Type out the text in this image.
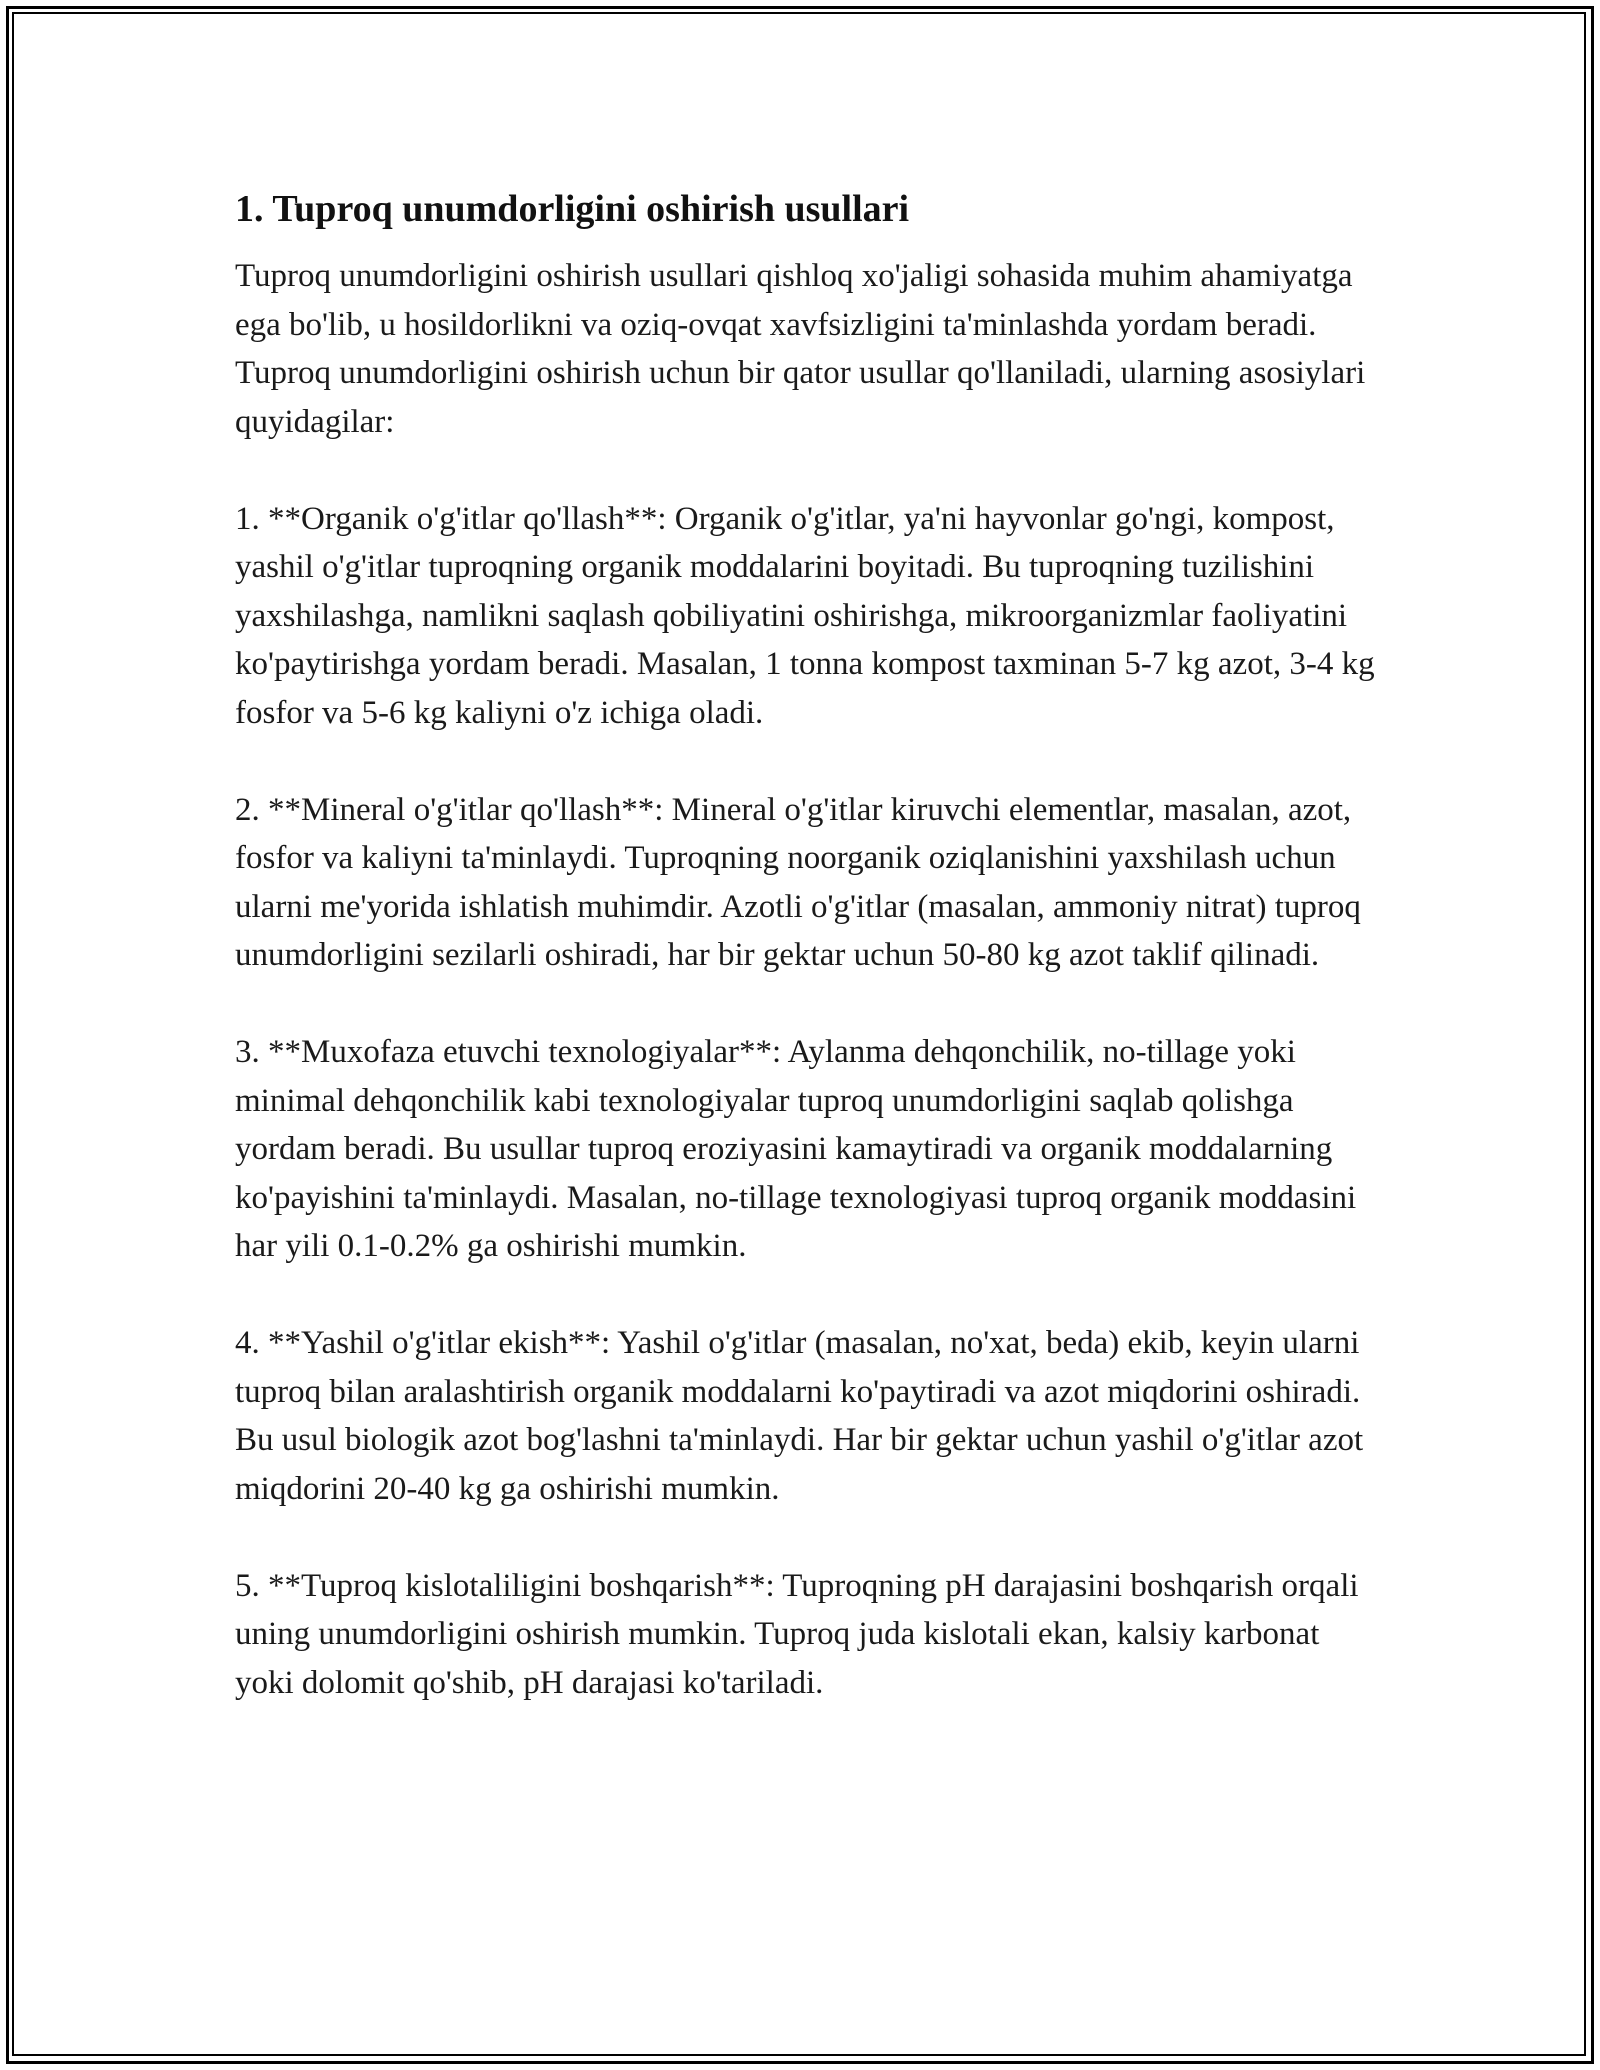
1. Tuproq unumdorligini oshirish usullari

Tuproq unumdorligini oshirish usullari qishloq xo'jaligi sohasida muhim ahamiyatga ega bo'lib, u hosildorlikni va oziq-ovqat xavfsizligini ta'minlashda yordam beradi. Tuproq unumdorligini oshirish uchun bir qator usullar qo'llaniladi, ularning asosiylari quyidagilar:

1. **Organik o'g'itlar qo'llash**: Organik o'g'itlar, ya'ni hayvonlar go'ngi, kompost, yashil o'g'itlar tuproqning organik moddalarini boyitadi. Bu tuproqning tuzilishini yaxshilashga, namlikni saqlash qobiliyatini oshirishga, mikroorganizmlar faoliyatini ko'paytirishga yordam beradi. Masalan, 1 tonna kompost taxminan 5-7 kg azot, 3-4 kg fosfor va 5-6 kg kaliyni o'z ichiga oladi.

2. **Mineral o'g'itlar qo'llash**: Mineral o'g'itlar kiruvchi elementlar, masalan, azot, fosfor va kaliyni ta'minlaydi. Tuproqning noorganik oziqlanishini yaxshilash uchun ularni me'yorida ishlatish muhimdir. Azotli o'g'itlar (masalan, ammoniy nitrat) tuproq unumdorligini sezilarli oshiradi, har bir gektar uchun 50-80 kg azot taklif qilinadi.

3. **Muxofaza etuvchi texnologiyalar**: Aylanma dehqonchilik, no-tillage yoki minimal dehqonchilik kabi texnologiyalar tuproq unumdorligini saqlab qolishga yordam beradi. Bu usullar tuproq eroziyasini kamaytiradi va organik moddalarning ko'payishini ta'minlaydi. Masalan, no-tillage texnologiyasi tuproq organik moddasini har yili 0.1-0.2% ga oshirishi mumkin.

4. **Yashil o'g'itlar ekish**: Yashil o'g'itlar (masalan, no'xat, beda) ekib, keyin ularni tuproq bilan aralashtirish organik moddalarni ko'paytiradi va azot miqdorini oshiradi. Bu usul biologik azot bog'lashni ta'minlaydi. Har bir gektar uchun yashil o'g'itlar azot miqdorini 20-40 kg ga oshirishi mumkin.

5. **Tuproq kislotaliligini boshqarish**: Tuproqning pH darajasini boshqarish orqali uning unumdorligini oshirish mumkin. Tuproq juda kislotali ekan, kalsiy karbonat yoki dolomit qo'shib, pH darajasi ko'tariladi.
